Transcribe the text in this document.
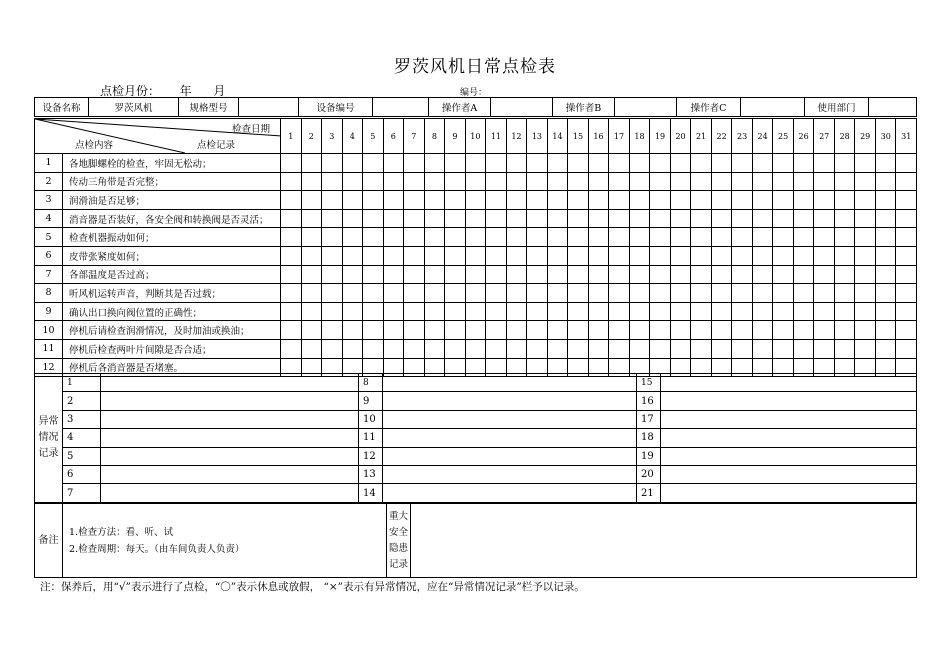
罗茨风机日常点检表
点检月份： 年 月	编号：
设备名称	罗茨风机	规格型号		设备编号		操作者A		操作者B		操作者C		使用部门	
检查日期
点检内容 点检记录		1	2	3	4	5	6	7	8	9	10	11	12	13	14	15	16	17	18	19	20	21	22	23	24	25	26	27	28	29	30	31
1	各地脚螺栓的检查，牢固无松动；																															
2	传动三角带是否完整；																															
3	润滑油是否足够；																															
4	消音器是否装好，各安全阀和转换阀是否灵活；																															
5	检查机器振动如何；																															
6	皮带张紧度如何；																															
7	各部温度是否过高；																															
8	听风机运转声音，判断其是否过载；																															
9	确认出口换向阀位置的正确性；																															
10	停机后请检查润滑情况，及时加油或换油；																															
11	停机后检查两叶片间隙是否合适；																															
12	停机后各消音器是否堵塞。																															
异常情况记录	1		8		15	
	2		9		16	
	3		10		17	
	4		11		18	
	5		12		19	
	6		13		20	
	7		14		21	
备注	
1.检查方法：看、听、试
2.检查周期：每天。（由车间负责人负责）
	重大安全隐患记录	
注：保养后，用“√”表示进行了点检，“〇”表示休息或放假， “×”表示有异常情况，应在“异常情况记录”栏予以记录。
